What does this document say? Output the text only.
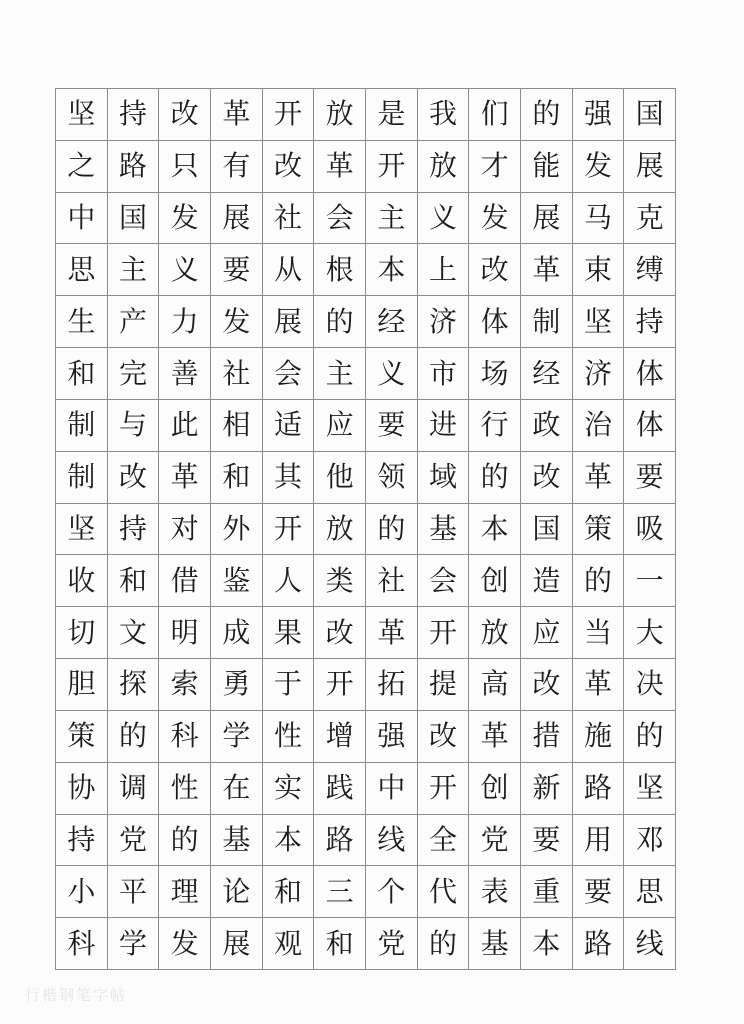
坚 持 改 革 开 放 是 我 们 的 强 国
之 路 只 有 改 革 开 放 才 能 发 展
中 国 发 展 社 会 主 义 发 展 马 克
思 主 义 要 从 根 本 上 改 革 束 缚
生 产 力 发 展 的 经 济 体 制 坚 持
和 完 善 社 会 主 义 市 场 经 济 体
制 与 此 相 适 应 要 进 行 政 治 体
制 改 革 和 其 他 领 域 的 改 革 要
坚 持 对 外 开 放 的 基 本 国 策 吸
收 和 借 鉴 人 类 社 会 创 造 的 一
切 文 明 成 果 改 革 开 放 应 当 大
胆 探 索 勇 于 开 拓 提 高 改 革 决
策 的 科 学 性 增 强 改 革 措 施 的
协 调 性 在 实 践 中 开 创 新 路 坚
持 党 的 基 本 路 线 全 党 要 用 邓
小 平 理 论 和 三 个 代 表 重 要 思
科 学 发 展 观 和 党 的 基 本 路 线
行楷钢笔字帖
